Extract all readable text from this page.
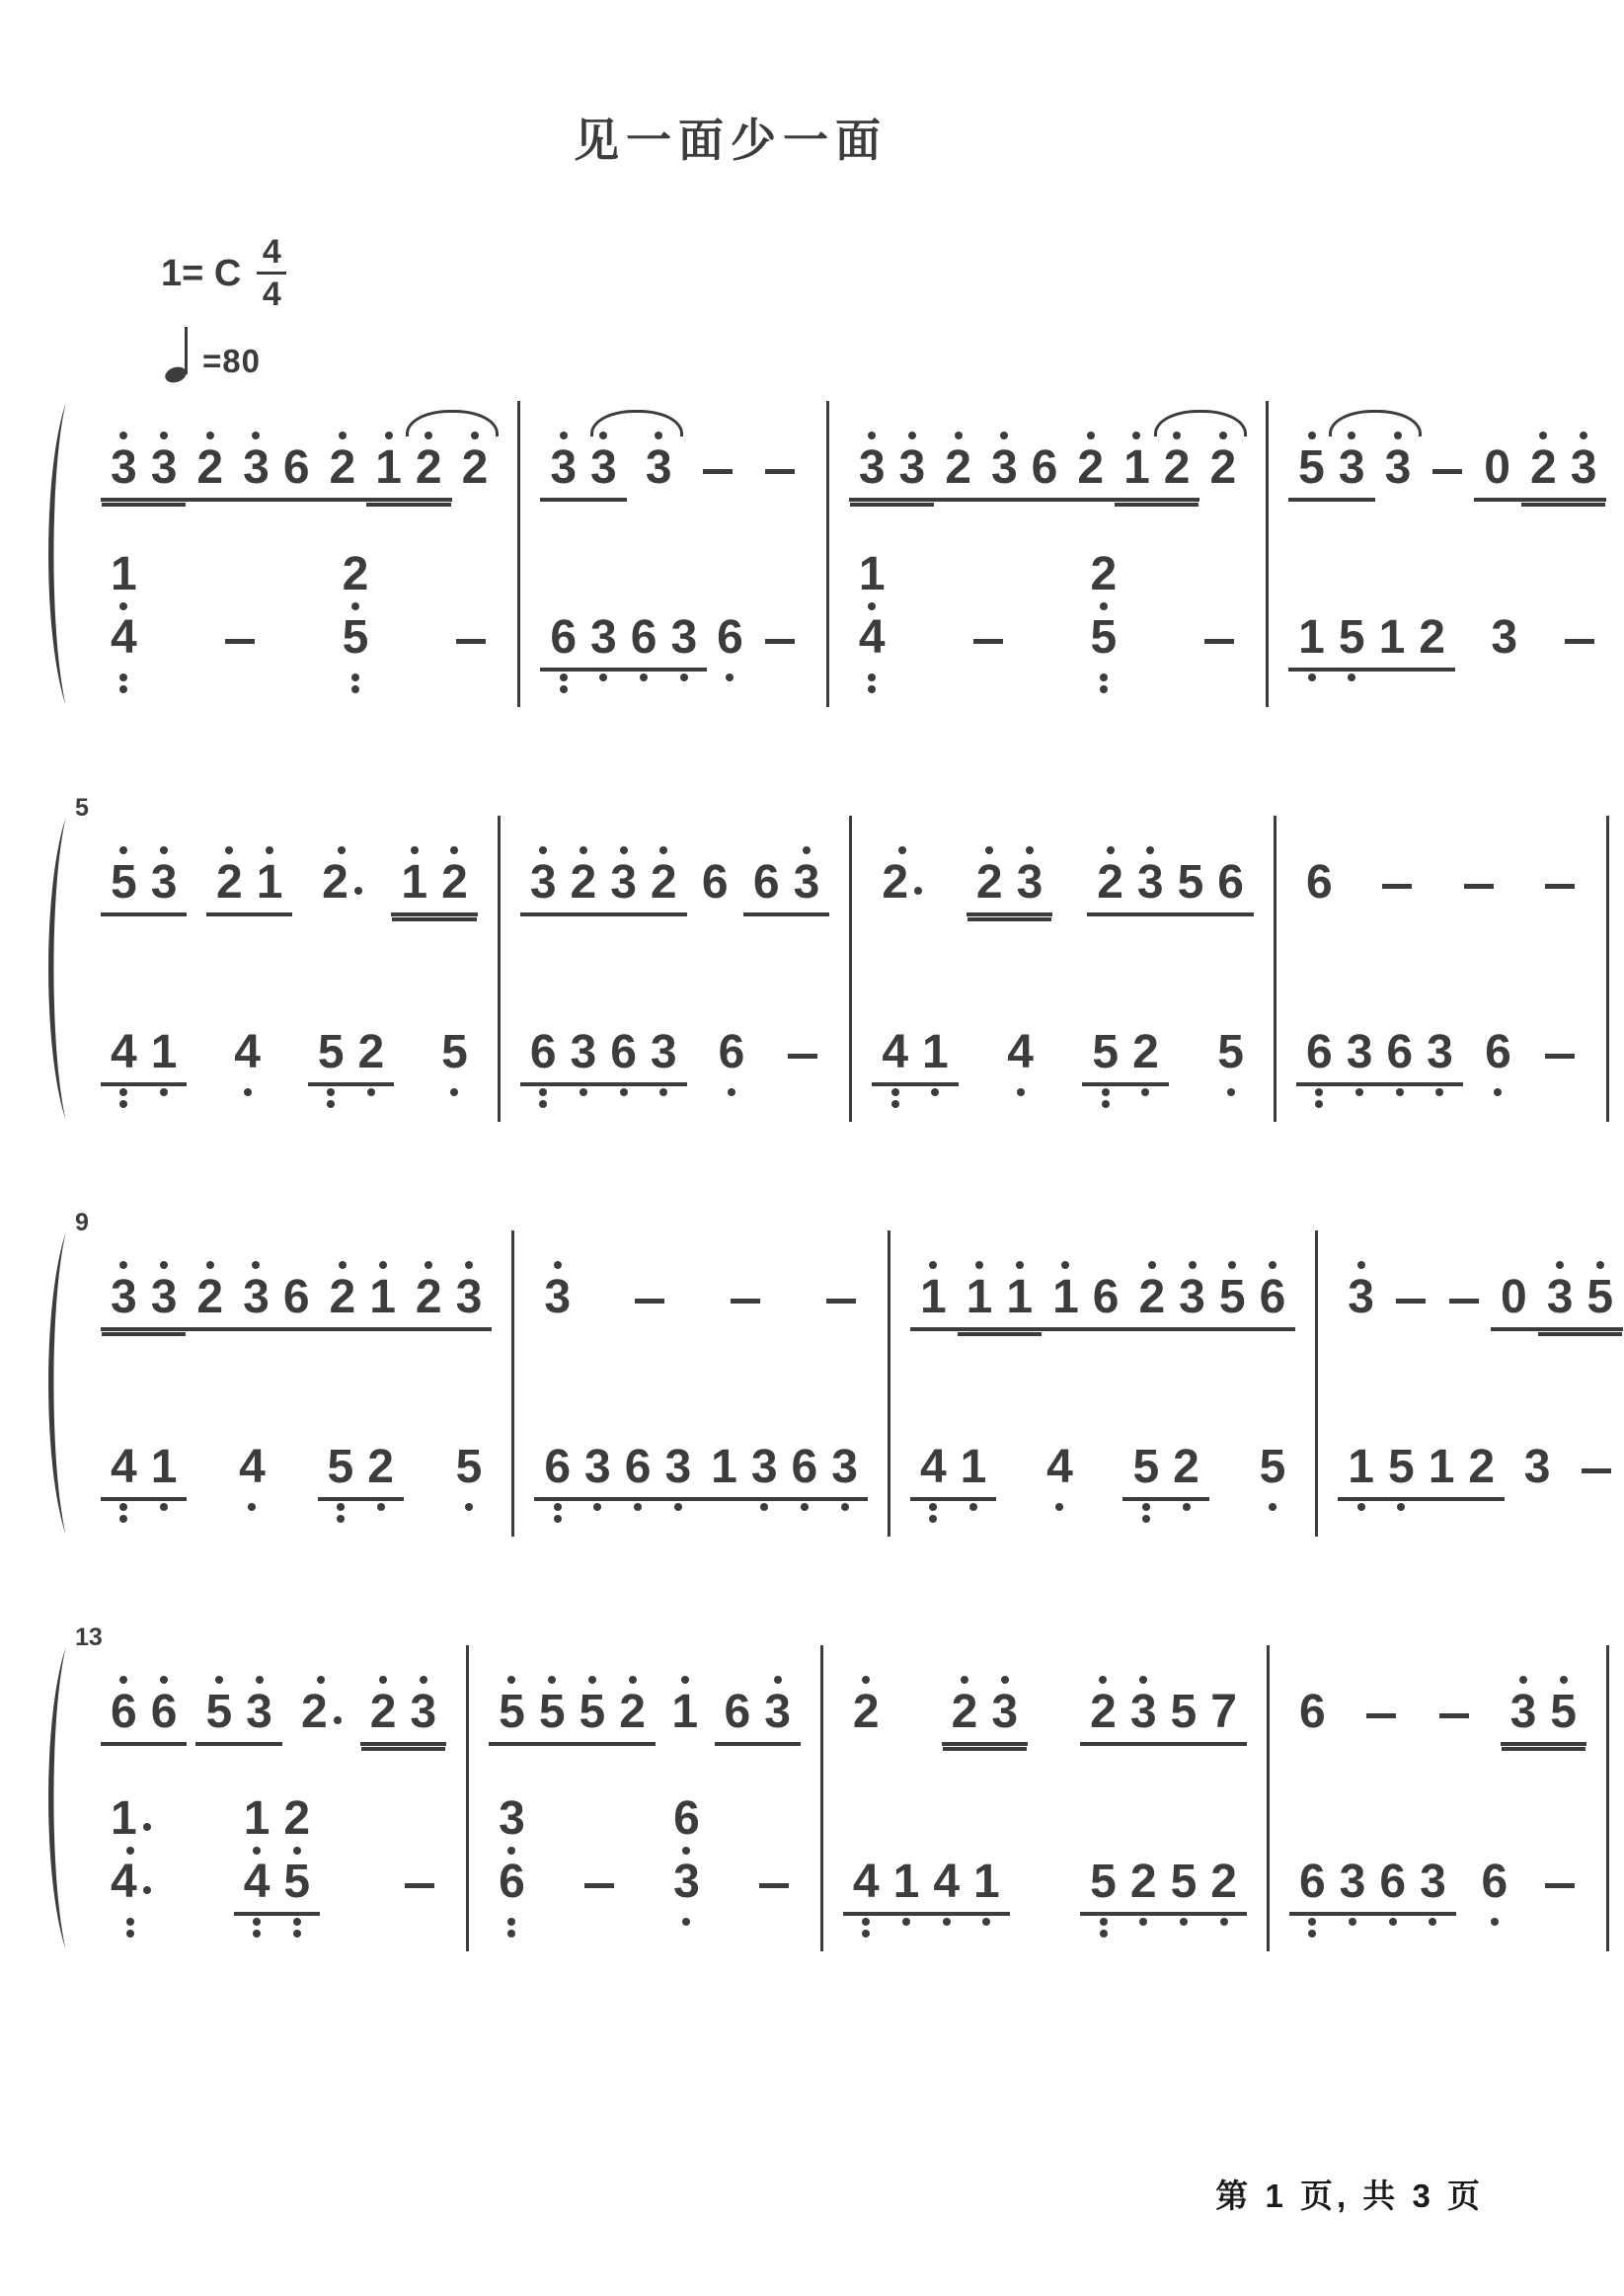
见一面少一面
1= C $\frac{4}{4}$
=80
3 3 2 3 6 2 1 2 2
1
4
2
5
3 3 3
6 3 6 3 6
3 3 2 3 6 2 1 2 2
1
4
2
5
5 3 3 0 2 3
1 5 1 2 3
5
5 3 2 1 2 1 2
4 1 4 5 2 5
3 2 3 2 6 6 3
6 3 6 3 6
2 2 3 2 3 5 6
4 1 4 5 2 5
6
6 3 6 3 6
9
3 3 2 3 6 2 1 2 3
4 1 4 5 2 5
3
6 3 6 3 1 3 6 3
1 1 1 1 6 2 3 5 6
4 1 4 5 2 5
3	0 3 5
1 5 1 2 3
13
6 6 5 3 2 2 3
1
4
1
4
2
5
5 5 5 2 1 6 3
3
6
6
3
2 2 3 2 3 5 7
4 1 4 1 5 2 5 2
6	3 5
6 3 6 3 6
第 1 页, 共 3 页
